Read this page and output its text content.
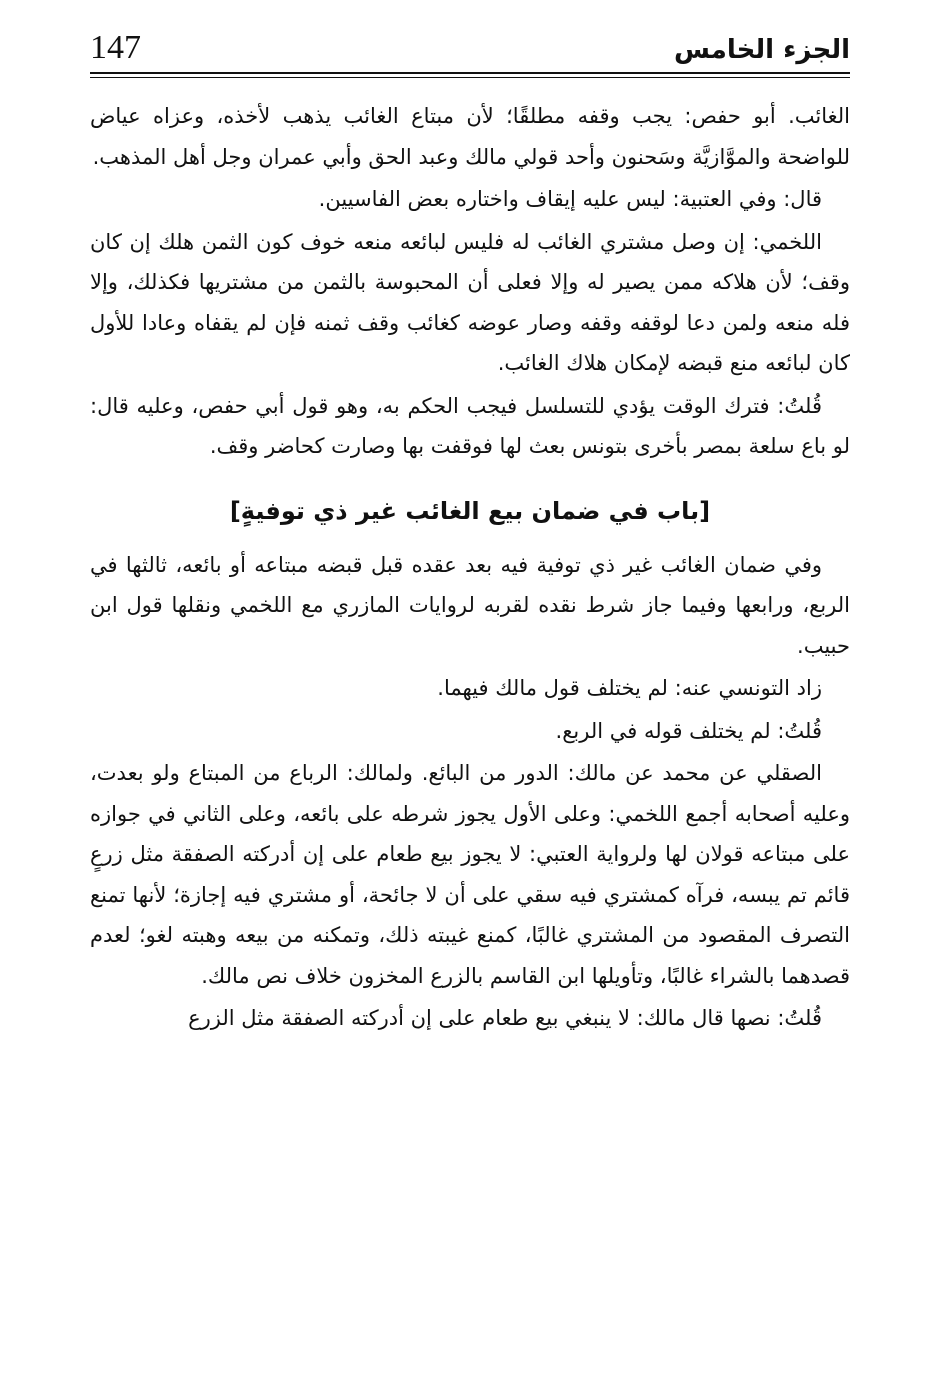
147	الجزء الخامس

الغائب. أبو حفص: يجب وقفه مطلقًا؛ لأن مبتاع الغائب يذهب لأخذه، وعزاه عياض للواضحة والموَّازيَّة وسَحنون وأحد قولي مالك وعبد الحق وأبي عمران وجل أهل المذهب.

قال: وفي العتبية: ليس عليه إيقاف واختاره بعض الفاسيين.

اللخمي: إن وصل مشتري الغائب له فليس لبائعه منعه خوف كون الثمن هلك إن كان وقف؛ لأن هلاكه ممن يصير له وإلا فعلى أن المحبوسة بالثمن من مشتريها فكذلك، وإلا فله منعه ولمن دعا لوقفه وقفه وصار عوضه كغائب وقف ثمنه فإن لم يقفاه وعادا للأول كان لبائعه منع قبضه لإمكان هلاك الغائب.

قُلتُ: فترك الوقت يؤدي للتسلسل فيجب الحكم به، وهو قول أبي حفص، وعليه قال: لو باع سلعة بمصر بأخرى بتونس بعث لها فوقفت بها وصارت كحاضر وقف.

[باب في ضمان بيع الغائب غير ذي توفيةٍ]

وفي ضمان الغائب غير ذي توفية فيه بعد عقده قبل قبضه مبتاعه أو بائعه، ثالثها في الربع، ورابعها وفيما جاز شرط نقده لقربه لروايات المازري مع اللخمي ونقلها قول ابن حبيب.

زاد التونسي عنه: لم يختلف قول مالك فيهما.

قُلتُ: لم يختلف قوله في الربع.

الصقلي عن محمد عن مالك: الدور من البائع. ولمالك: الرباع من المبتاع ولو بعدت، وعليه أصحابه أجمع اللخمي: وعلى الأول يجوز شرطه على بائعه، وعلى الثاني في جوازه على مبتاعه قولان لها ولرواية العتبي: لا يجوز بيع طعام على إن أدركته الصفقة مثل زرعٍ قائم تم يبسه، فرآه كمشتري فيه سقي على أن لا جائحة، أو مشتري فيه إجازة؛ لأنها تمنع التصرف المقصود من المشتري غالبًا، كمنع غيبته ذلك، وتمكنه من بيعه وهبته لغو؛ لعدم قصدهما بالشراء غالبًا، وتأويلها ابن القاسم بالزرع المخزون خلاف نص مالك.

قُلتُ: نصها قال مالك: لا ينبغي بيع طعام على إن أدركته الصفقة مثل الزرع
